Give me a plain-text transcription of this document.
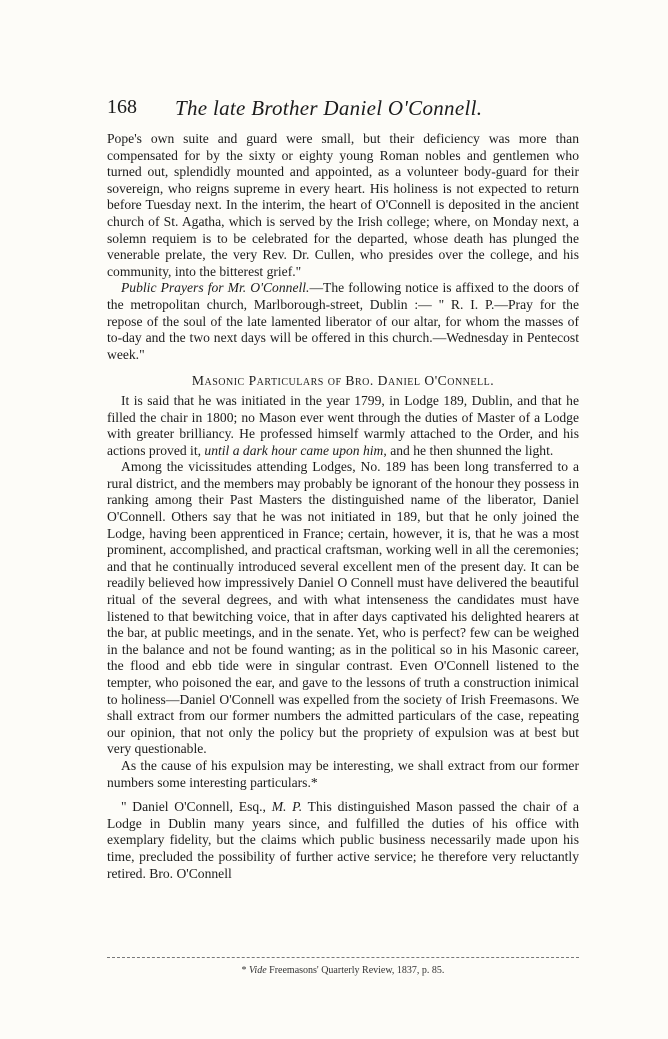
168 The late Brother Daniel O'Connell.

Pope's own suite and guard were small, but their deficiency was more than compensated for by the sixty or eighty young Roman nobles and gentlemen who turned out, splendidly mounted and appointed, as a volunteer body-guard for their sovereign, who reigns supreme in every heart. His holiness is not expected to return before Tuesday next. In the interim, the heart of O'Connell is deposited in the ancient church of St. Agatha, which is served by the Irish college; where, on Monday next, a solemn requiem is to be celebrated for the departed, whose death has plunged the venerable prelate, the very Rev. Dr. Cullen, who presides over the college, and his community, into the bitterest grief."

Public Prayers for Mr. O'Connell.—The following notice is affixed to the doors of the metropolitan church, Marlborough-street, Dublin :— " R. I. P.—Pray for the repose of the soul of the late lamented liberator of our altar, for whom the masses of to-day and the two next days will be offered in this church.—Wednesday in Pentecost week."

Masonic Particulars of Bro. Daniel O'Connell.

It is said that he was initiated in the year 1799, in Lodge 189, Dublin, and that he filled the chair in 1800; no Mason ever went through the duties of Master of a Lodge with greater brilliancy. He professed himself warmly attached to the Order, and his actions proved it, until a dark hour came upon him, and he then shunned the light.

Among the vicissitudes attending Lodges, No. 189 has been long transferred to a rural district, and the members may probably be ignorant of the honour they possess in ranking among their Past Masters the distinguished name of the liberator, Daniel O'Connell. Others say that he was not initiated in 189, but that he only joined the Lodge, having been apprenticed in France; certain, however, it is, that he was a most prominent, accomplished, and practical craftsman, working well in all the ceremonies; and that he continually introduced several excellent men of the present day. It can be readily believed how impressively Daniel O Connell must have delivered the beautiful ritual of the several degrees, and with what intenseness the candidates must have listened to that bewitching voice, that in after days captivated his delighted hearers at the bar, at public meetings, and in the senate. Yet, who is perfect? few can be weighed in the balance and not be found wanting; as in the political so in his Masonic career, the flood and ebb tide were in singular contrast. Even O'Connell listened to the tempter, who poisoned the ear, and gave to the lessons of truth a construction inimical to holiness—Daniel O'Connell was expelled from the society of Irish Freemasons. We shall extract from our former numbers the admitted particulars of the case, repeating our opinion, that not only the policy but the propriety of expulsion was at best but very questionable.

As the cause of his expulsion may be interesting, we shall extract from our former numbers some interesting particulars.*

" Daniel O'Connell, Esq., M. P. This distinguished Mason passed the chair of a Lodge in Dublin many years since, and fulfilled the duties of his office with exemplary fidelity, but the claims which public business necessarily made upon his time, precluded the possibility of further active service; he therefore very reluctantly retired. Bro. O'Connell

* Vide Freemasons' Quarterly Review, 1837, p. 85.
